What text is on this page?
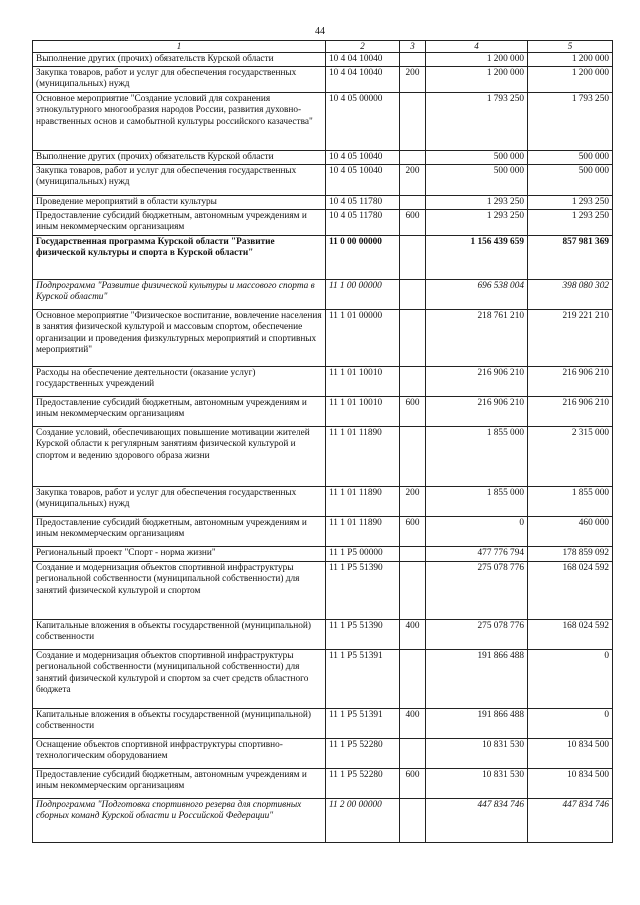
44
1	2	3	4	5
Выполнение других (прочих) обязательств Курской области	10 4 04 10040		1 200 000	1 200 000
Закупка товаров, работ и услуг для обеспечения государственных (муниципальных) нужд	10 4 04 10040	200	1 200 000	1 200 000
Основное мероприятие "Создание условий для сохранения этнокультурного многообразия народов России, развития духовно-нравственных основ и самобытной культуры российского казачества"	10 4 05 00000		1 793 250	1 793 250
Выполнение других (прочих) обязательств Курской области	10 4 05 10040		500 000	500 000
Закупка товаров, работ и услуг для обеспечения государственных (муниципальных) нужд	10 4 05 10040	200	500 000	500 000
Проведение мероприятий в области культуры	10 4 05 11780		1 293 250	1 293 250
Предоставление субсидий бюджетным, автономным учреждениям и иным некоммерческим организациям	10 4 05 11780	600	1 293 250	1 293 250
Государственная программа Курской области "Развитие физической культуры и спорта в Курской области"	11 0 00 00000		1 156 439 659	857 981 369
Подпрограмма "Развитие физической культуры и массового спорта в Курской области"	11 1 00 00000		696 538 004	398 080 302
Основное мероприятие "Физическое воспитание, вовлечение населения в занятия физической культурой и массовым спортом, обеспечение организации и проведения физкультурных мероприятий и спортивных мероприятий"	11 1 01 00000		218 761 210	219 221 210
Расходы на обеспечение деятельности (оказание услуг) государственных учреждений	11 1 01 10010		216 906 210	216 906 210
Предоставление субсидий бюджетным, автономным учреждениям и иным некоммерческим организациям	11 1 01 10010	600	216 906 210	216 906 210
Создание условий, обеспечивающих повышение мотивации жителей Курской области к регулярным занятиям физической культурой и спортом и ведению здорового образа жизни	11 1 01 11890		1 855 000	2 315 000
Закупка товаров, работ и услуг для обеспечения государственных (муниципальных) нужд	11 1 01 11890	200	1 855 000	1 855 000
Предоставление субсидий бюджетным, автономным учреждениям и иным некоммерческим организациям	11 1 01 11890	600	0	460 000
Региональный проект "Спорт - норма жизни"	11 1 P5 00000		477 776 794	178 859 092
Создание и модернизация объектов спортивной инфраструктуры региональной собственности (муниципальной собственности) для занятий физической культурой и спортом	11 1 P5 51390		275 078 776	168 024 592
Капитальные вложения в объекты государственной (муниципальной) собственности	11 1 P5 51390	400	275 078 776	168 024 592
Создание и модернизация объектов спортивной инфраструктуры региональной собственности (муниципальной собственности) для занятий физической культурой и спортом за счет средств областного бюджета	11 1 P5 51391		191 866 488	0
Капитальные вложения в объекты государственной (муниципальной) собственности	11 1 P5 51391	400	191 866 488	0
Оснащение объектов спортивной инфраструктуры спортивно-технологическим оборудованием	11 1 P5 52280		10 831 530	10 834 500
Предоставление субсидий бюджетным, автономным учреждениям и иным некоммерческим организациям	11 1 P5 52280	600	10 831 530	10 834 500
Подпрограмма "Подготовка спортивного резерва для спортивных сборных команд Курской области и Российской Федерации"	11 2 00 00000		447 834 746	447 834 746
